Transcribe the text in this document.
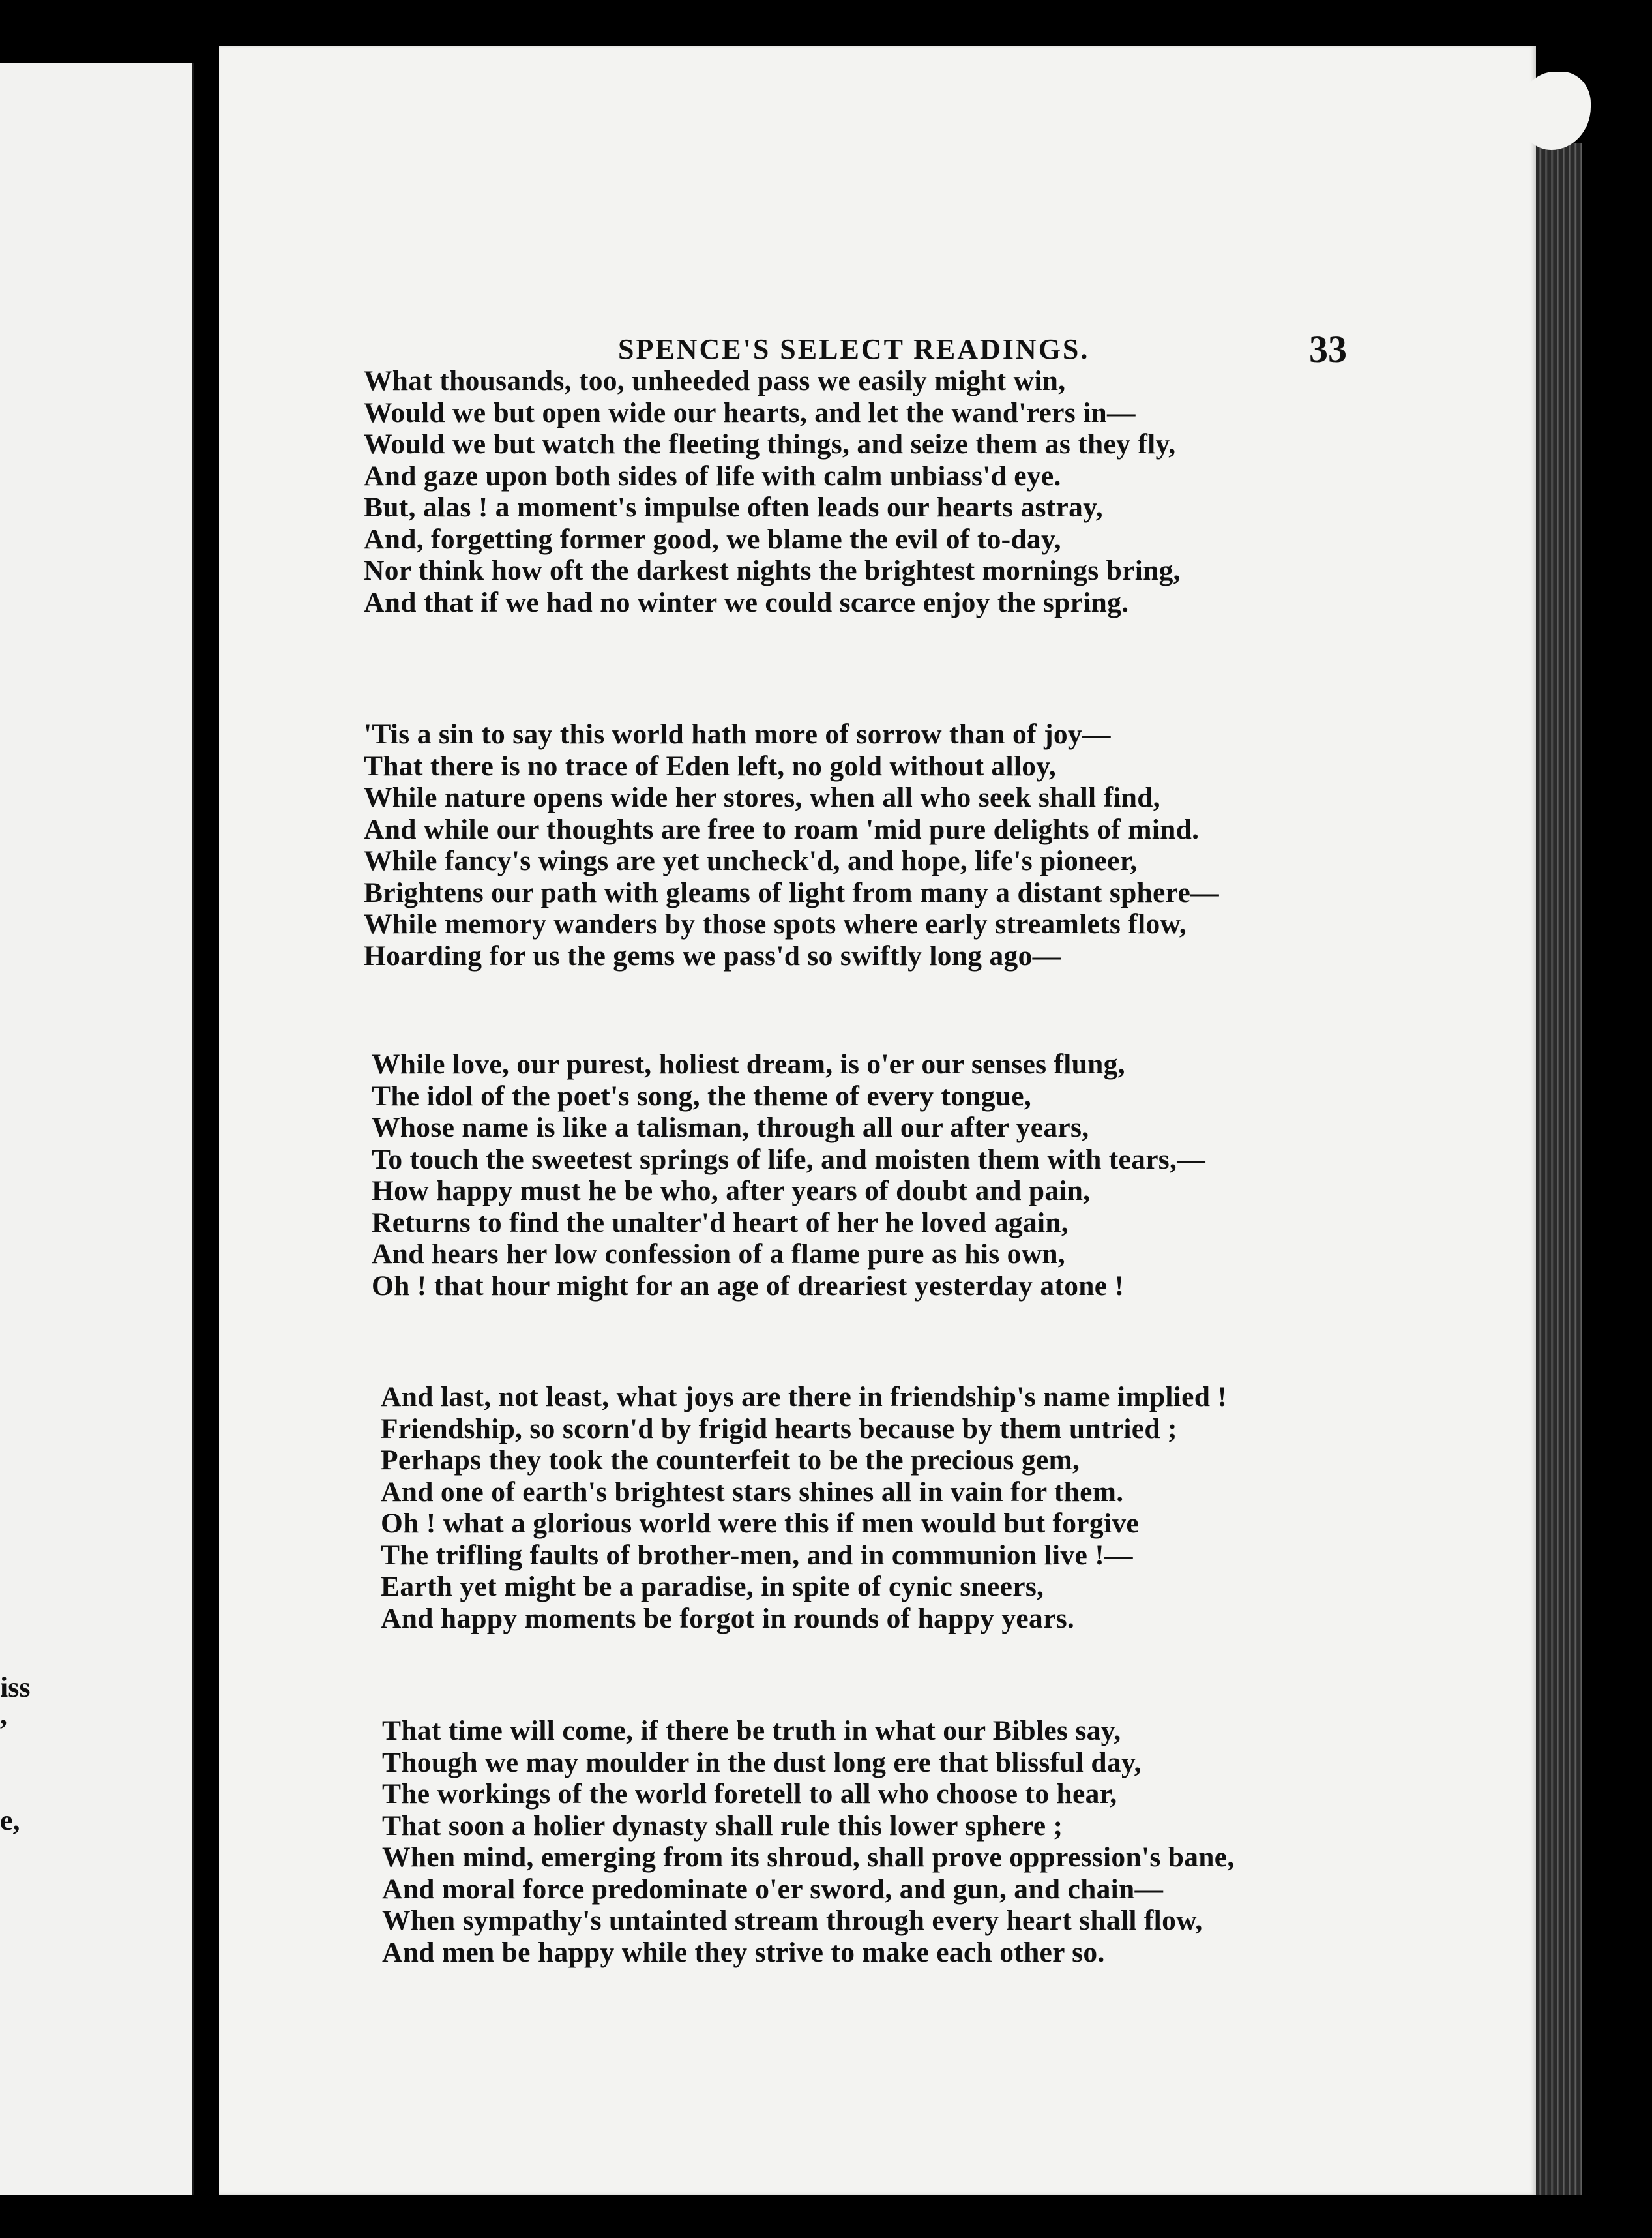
iss
,
e,
SPENCE'S SELECT READINGS.	33
What thousands, too, unheeded pass we easily might win,
Would we but open wide our hearts, and let the wand'rers in—
Would we but watch the fleeting things, and seize them as they fly,
And gaze upon both sides of life with calm unbiass'd eye.
But, alas ! a moment's impulse often leads our hearts astray,
And, forgetting former good, we blame the evil of to-day,
Nor think how oft the darkest nights the brightest mornings bring,
And that if we had no winter we could scarce enjoy the spring.
'Tis a sin to say this world hath more of sorrow than of joy—
That there is no trace of Eden left, no gold without alloy,
While nature opens wide her stores, when all who seek shall find,
And while our thoughts are free to roam 'mid pure delights of mind.
While fancy's wings are yet uncheck'd, and hope, life's pioneer,
Brightens our path with gleams of light from many a distant sphere—
While memory wanders by those spots where early streamlets flow,
Hoarding for us the gems we pass'd so swiftly long ago—
While love, our purest, holiest dream, is o'er our senses flung,
The idol of the poet's song, the theme of every tongue,
Whose name is like a talisman, through all our after years,
To touch the sweetest springs of life, and moisten them with tears,—
How happy must he be who, after years of doubt and pain,
Returns to find the unalter'd heart of her he loved again,
And hears her low confession of a flame pure as his own,
Oh ! that hour might for an age of dreariest yesterday atone !
And last, not least, what joys are there in friendship's name implied !
Friendship, so scorn'd by frigid hearts because by them untried ;
Perhaps they took the counterfeit to be the precious gem,
And one of earth's brightest stars shines all in vain for them.
Oh ! what a glorious world were this if men would but forgive
The trifling faults of brother-men, and in communion live !—
Earth yet might be a paradise, in spite of cynic sneers,
And happy moments be forgot in rounds of happy years.
That time will come, if there be truth in what our Bibles say,
Though we may moulder in the dust long ere that blissful day,
The workings of the world foretell to all who choose to hear,
That soon a holier dynasty shall rule this lower sphere ;
When mind, emerging from its shroud, shall prove oppression's bane,
And moral force predominate o'er sword, and gun, and chain—
When sympathy's untainted stream through every heart shall flow,
And men be happy while they strive to make each other so.
